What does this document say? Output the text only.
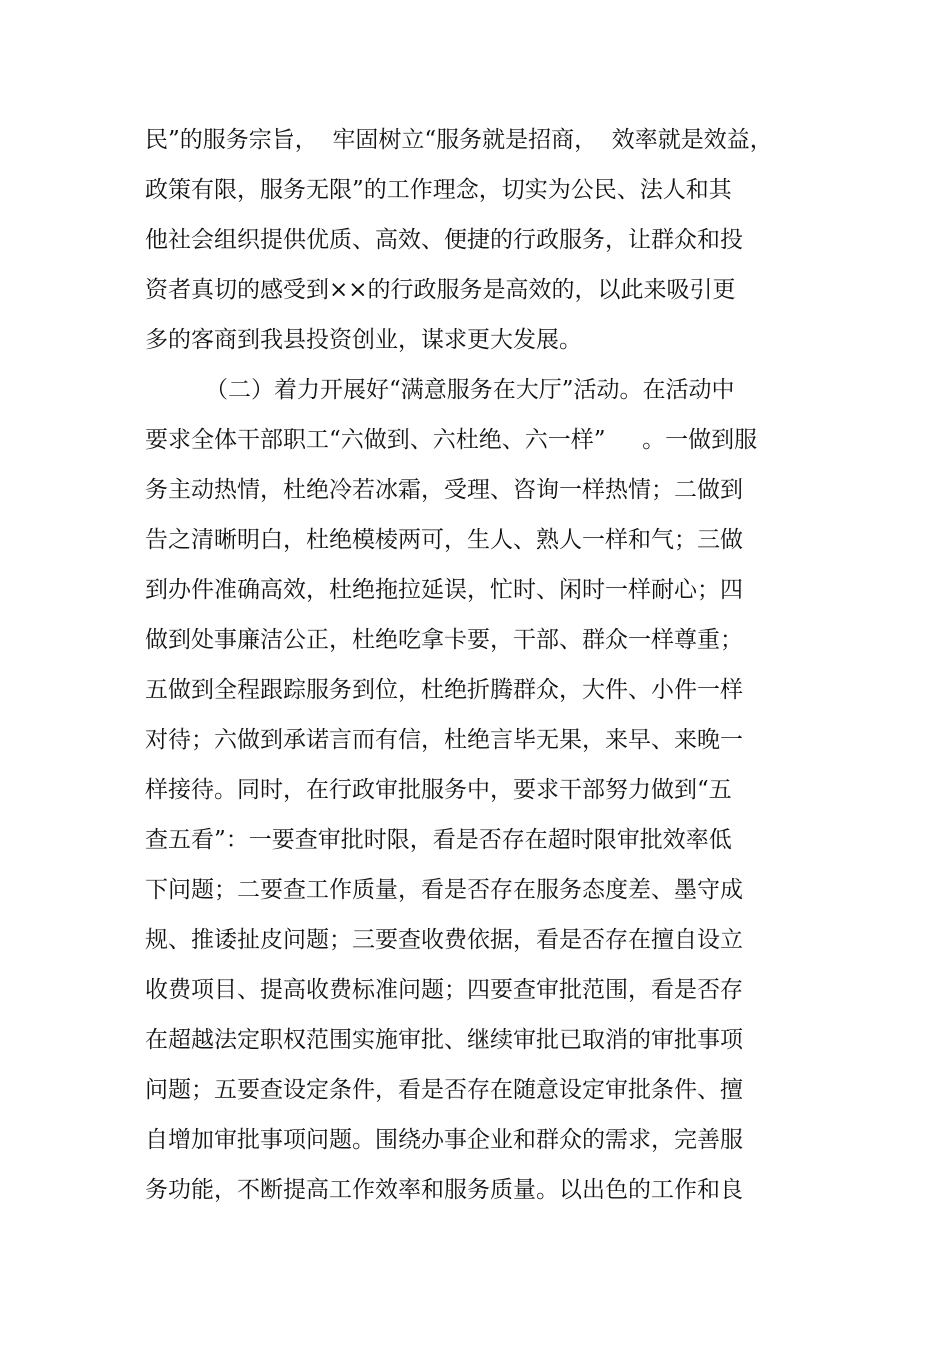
民”的服务宗旨，  牢固树立“服务就是招商，  效率就是效益，
政策有限，服务无限”的工作理念，切实为公民、法人和其
他社会组织提供优质、高效、便捷的行政服务，让群众和投
资者真切的感受到××的行政服务是高效的，以此来吸引更
多的客商到我县投资创业，谋求更大发展。
（二）着力开展好“满意服务在大厅”活动。在活动中
要求全体干部职工“六做到、六杜绝、六一样”     。一做到服
务主动热情，杜绝冷若冰霜，受理、咨询一样热情；二做到
告之清晰明白，杜绝模棱两可，生人、熟人一样和气；三做
到办件准确高效，杜绝拖拉延误，忙时、闲时一样耐心；四
做到处事廉洁公正，杜绝吃拿卡要，干部、群众一样尊重；
五做到全程跟踪服务到位，杜绝折腾群众，大件、小件一样
对待；六做到承诺言而有信，杜绝言毕无果，来早、来晚一
样接待。同时，在行政审批服务中，要求干部努力做到“五
查五看”：一要查审批时限，看是否存在超时限审批效率低
下问题；二要查工作质量，看是否存在服务态度差、墨守成
规、推诿扯皮问题；三要查收费依据，看是否存在擅自设立
收费项目、提高收费标准问题；四要查审批范围，看是否存
在超越法定职权范围实施审批、继续审批已取消的审批事项
问题；五要查设定条件，看是否存在随意设定审批条件、擅
自增加审批事项问题。围绕办事企业和群众的需求，完善服
务功能，不断提高工作效率和服务质量。以出色的工作和良
